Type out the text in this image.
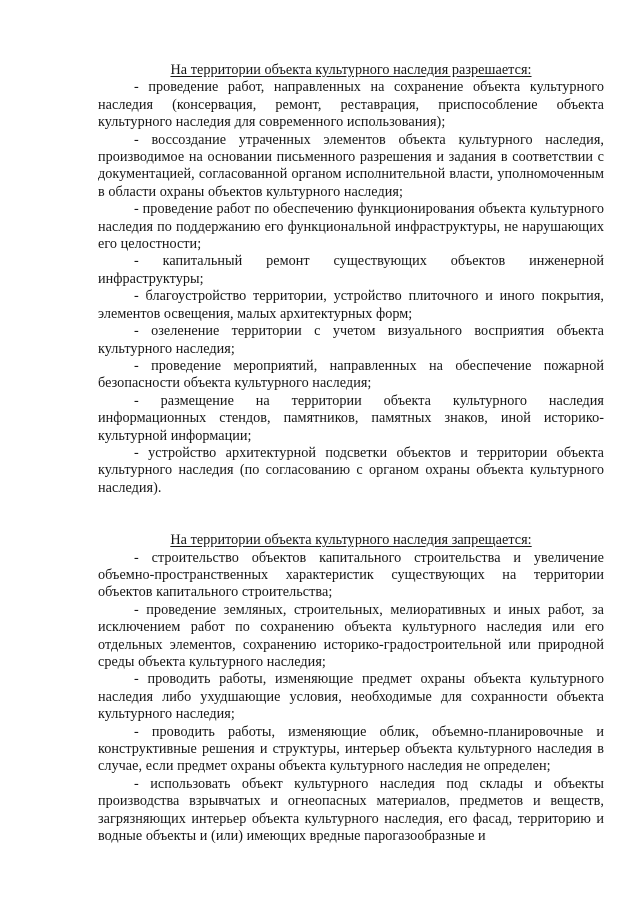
На территории объекта культурного наследия разрешается:

- проведение работ, направленных на сохранение объекта культурного наследия (консервация, ремонт, реставрация, приспособление объекта культурного наследия для современного использования);

- воссоздание утраченных элементов объекта культурного наследия, производимое на основании письменного разрешения и задания в соответствии с документацией, согласованной органом исполнительной власти, уполномоченным в области охраны объектов культурного наследия;

- проведение работ по обеспечению функционирования объекта культурного наследия по поддержанию его функциональной инфраструктуры, не нарушающих его целостности;

- капитальный ремонт существующих объектов инженерной инфраструктуры;

- благоустройство территории, устройство плиточного и иного покрытия, элементов освещения, малых архитектурных форм;

- озеленение территории с учетом визуального восприятия объекта культурного наследия;

- проведение мероприятий, направленных на обеспечение пожарной безопасности объекта культурного наследия;

- размещение на территории объекта культурного наследия информационных стендов, памятников, памятных знаков, иной историко-культурной информации;

- устройство архитектурной подсветки объектов и территории объекта культурного наследия (по согласованию с органом охраны объекта культурного наследия).

На территории объекта культурного наследия запрещается:

- строительство объектов капитального строительства и увеличение объемно-пространственных характеристик существующих на территории объектов капитального строительства;

- проведение земляных, строительных, мелиоративных и иных работ, за исключением работ по сохранению объекта культурного наследия или его отдельных элементов, сохранению историко-градостроительной или природной среды объекта культурного наследия;

- проводить работы, изменяющие предмет охраны объекта культурного наследия либо ухудшающие условия, необходимые для сохранности объекта культурного наследия;

- проводить работы, изменяющие облик, объемно-планировочные и конструктивные решения и структуры, интерьер объекта культурного наследия в случае, если предмет охраны объекта культурного наследия не определен;

- использовать объект культурного наследия под склады и объекты производства взрывчатых и огнеопасных материалов, предметов и веществ, загрязняющих интерьер объекта культурного наследия, его фасад, территорию и водные объекты и (или) имеющих вредные парогазообразные и
